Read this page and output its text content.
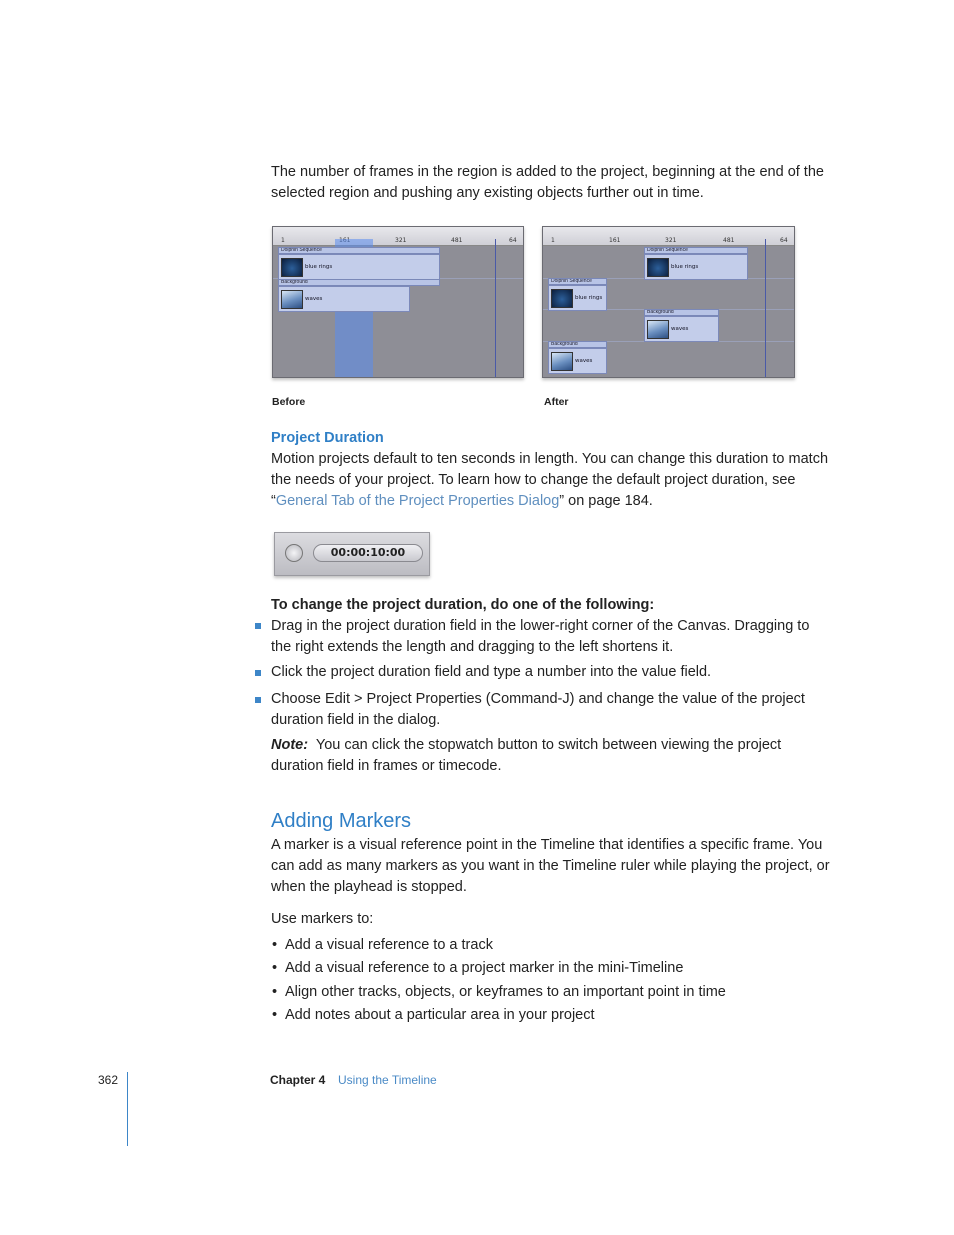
The number of frames in the region is added to the project, beginning at the end of the selected region and pushing any existing objects further out in time.

1	321	481	64
Dolphin Sequence
blue rings
Background
waves
Before
1	161	321	481	64
Dolphin Sequence
blue rings
Dolphin Sequence
blue rings
Background
waves
Background
waves
After
Project Duration

Motion projects default to ten seconds in length. You can change this duration to match the needs of your project. To learn how to change the default project duration, see “General Tab of the Project Properties Dialog” on page 184.

00:00:10:00
To change the project duration, do one of the following:

Drag in the project duration field in the lower-right corner of the Canvas. Dragging to the right extends the length and dragging to the left shortens it.

Click the project duration field and type a number into the value field.

Choose Edit > Project Properties (Command-J) and change the value of the project duration field in the dialog.

Note: You can click the stopwatch button to switch between viewing the project duration field in frames or timecode.

Adding Markers

A marker is a visual reference point in the Timeline that identifies a specific frame. You can add as many markers as you want in the Timeline ruler while playing the project, or when the playhead is stopped.

Use markers to:

• Add a visual reference to a track

• Add a visual reference to a project marker in the mini-Timeline

• Align other tracks, objects, or keyframes to an important point in time

• Add notes about a particular area in your project

362	Chapter 4 Using the Timeline
